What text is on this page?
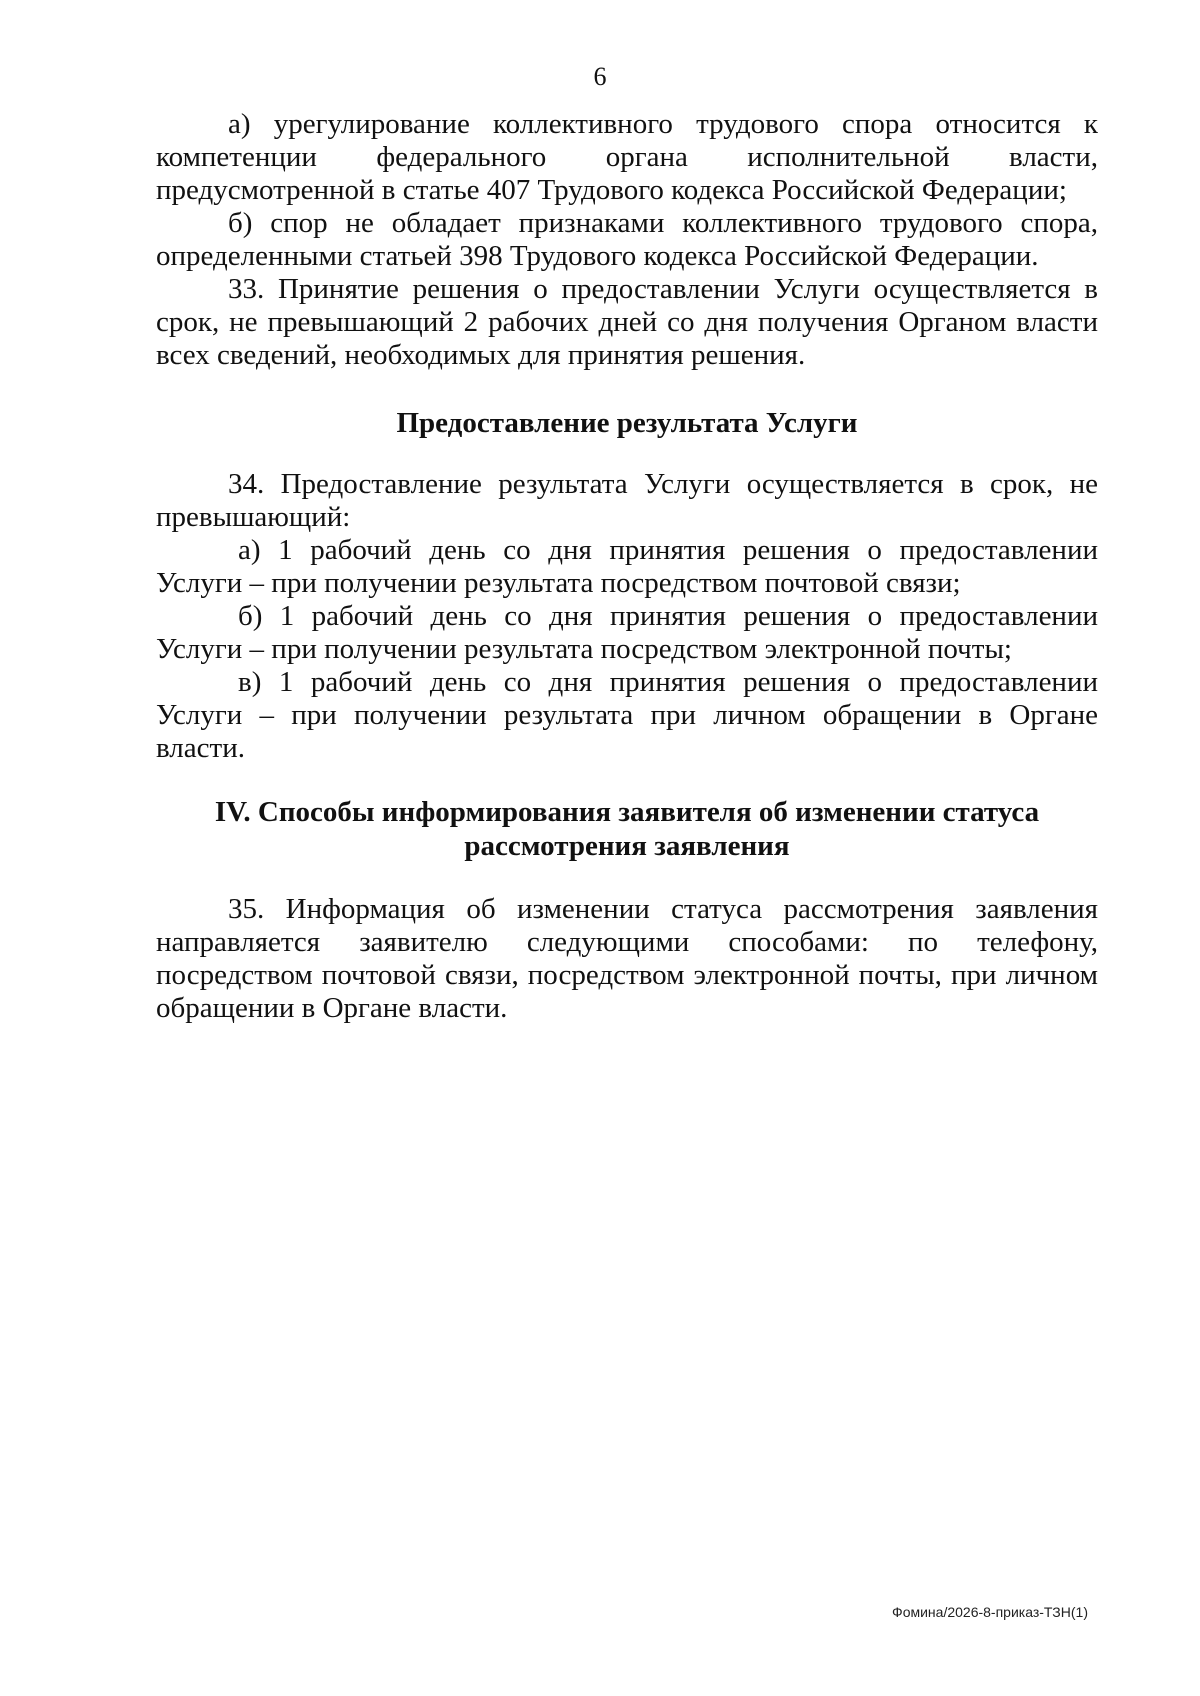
6

а) урегулирование коллективного трудового спора относится к компетенции федерального органа исполнительной власти, предусмотренной в статье 407 Трудового кодекса Российской Федерации;

б) спор не обладает признаками коллективного трудового спора, определенными статьей 398 Трудового кодекса Российской Федерации.

33. Принятие решения о предоставлении Услуги осуществляется в срок, не превышающий 2 рабочих дней со дня получения Органом власти всех сведений, необходимых для принятия решения.

Предоставление результата Услуги

34. Предоставление результата Услуги осуществляется в срок, не превышающий:

а) 1 рабочий день со дня принятия решения о предоставлении Услуги – при получении результата посредством почтовой связи;

б) 1 рабочий день со дня принятия решения о предоставлении Услуги – при получении результата посредством электронной почты;

в) 1 рабочий день со дня принятия решения о предоставлении Услуги – при получении результата при личном обращении в Органе власти.

IV. Способы информирования заявителя об изменении статуса рассмотрения заявления

35. Информация об изменении статуса рассмотрения заявления направляется заявителю следующими способами: по телефону, посредством почтовой связи, посредством электронной почты, при личном обращении в Органе власти.

Фомина/2026-8-приказ-ТЗН(1)
